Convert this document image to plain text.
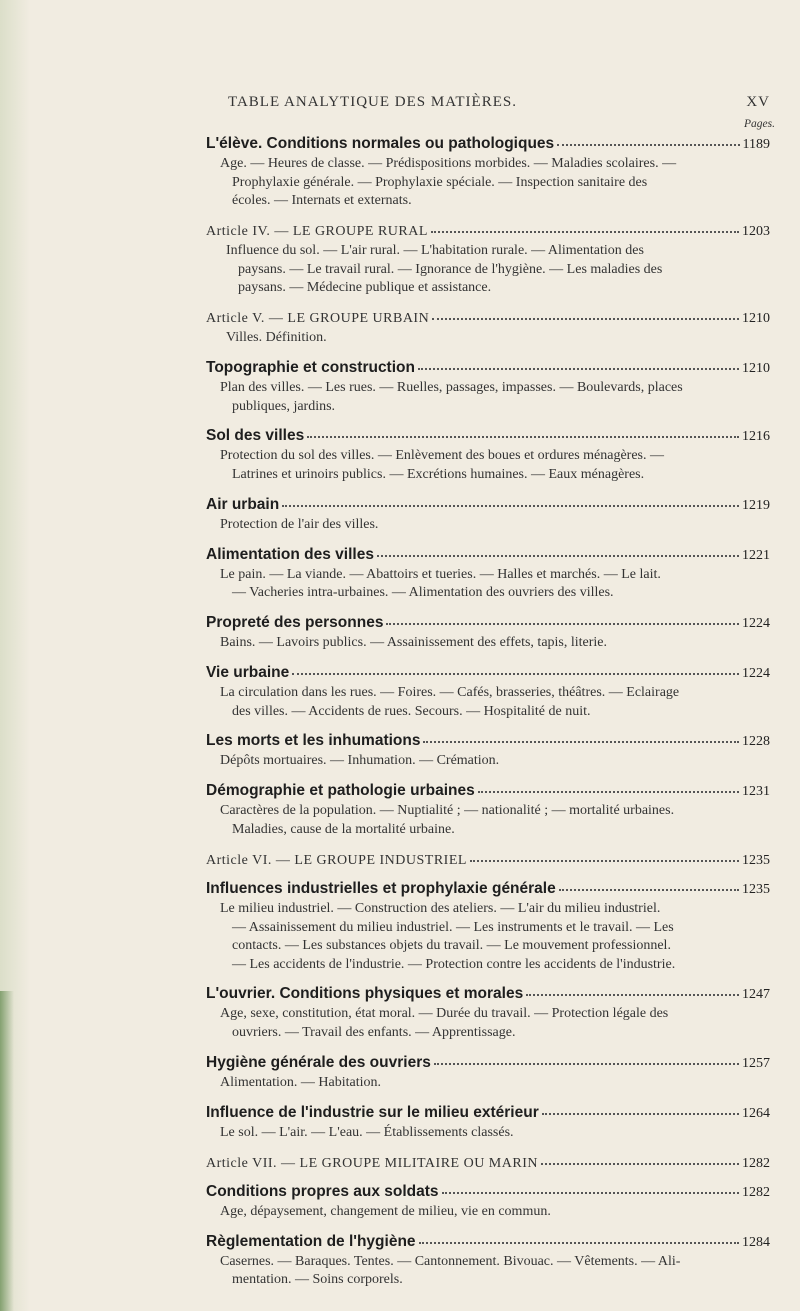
TABLE ANALYTIQUE DES MATIÈRES.	XV
Pages.
L'élève. Conditions normales ou pathologiques	1189
Age. — Heures de classe. — Prédispositions morbides. — Maladies scolaires. —
Prophylaxie générale. — Prophylaxie spéciale. — Inspection sanitaire des
écoles. — Internats et externats.
Article IV. — LE GROUPE RURAL	1203
Influence du sol. — L'air rural. — L'habitation rurale. — Alimentation des
paysans. — Le travail rural. — Ignorance de l'hygiène. — Les maladies des
paysans. — Médecine publique et assistance.
Article V. — LE GROUPE URBAIN	1210
Villes. Définition.
Topographie et construction	1210
Plan des villes. — Les rues. — Ruelles, passages, impasses. — Boulevards, places
publiques, jardins.
Sol des villes	1216
Protection du sol des villes. — Enlèvement des boues et ordures ménagères. —
Latrines et urinoirs publics. — Excrétions humaines. — Eaux ménagères.
Air urbain	1219
Protection de l'air des villes.
Alimentation des villes	1221
Le pain. — La viande. — Abattoirs et tueries. — Halles et marchés. — Le lait.
— Vacheries intra-urbaines. — Alimentation des ouvriers des villes.
Propreté des personnes	1224
Bains. — Lavoirs publics. — Assainissement des effets, tapis, literie.
Vie urbaine	1224
La circulation dans les rues. — Foires. — Cafés, brasseries, théâtres. — Eclairage
des villes. — Accidents de rues. Secours. — Hospitalité de nuit.
Les morts et les inhumations	1228
Dépôts mortuaires. — Inhumation. — Crémation.
Démographie et pathologie urbaines	1231
Caractères de la population. — Nuptialité ; — nationalité ; — mortalité urbaines.
Maladies, cause de la mortalité urbaine.
Article VI. — LE GROUPE INDUSTRIEL	1235
Influences industrielles et prophylaxie générale	1235
Le milieu industriel. — Construction des ateliers. — L'air du milieu industriel.
— Assainissement du milieu industriel. — Les instruments et le travail. — Les
contacts. — Les substances objets du travail. — Le mouvement professionnel.
— Les accidents de l'industrie. — Protection contre les accidents de l'industrie.
L'ouvrier. Conditions physiques et morales	1247
Age, sexe, constitution, état moral. — Durée du travail. — Protection légale des
ouvriers. — Travail des enfants. — Apprentissage.
Hygiène générale des ouvriers	1257
Alimentation. — Habitation.
Influence de l'industrie sur le milieu extérieur	1264
Le sol. — L'air. — L'eau. — Établissements classés.
Article VII. — LE GROUPE MILITAIRE OU MARIN	1282
Conditions propres aux soldats	1282
Age, dépaysement, changement de milieu, vie en commun.
Règlementation de l'hygiène	1284
Casernes. — Baraques. Tentes. — Cantonnement. Bivouac. — Vêtements. — Ali-
mentation. — Soins corporels.
